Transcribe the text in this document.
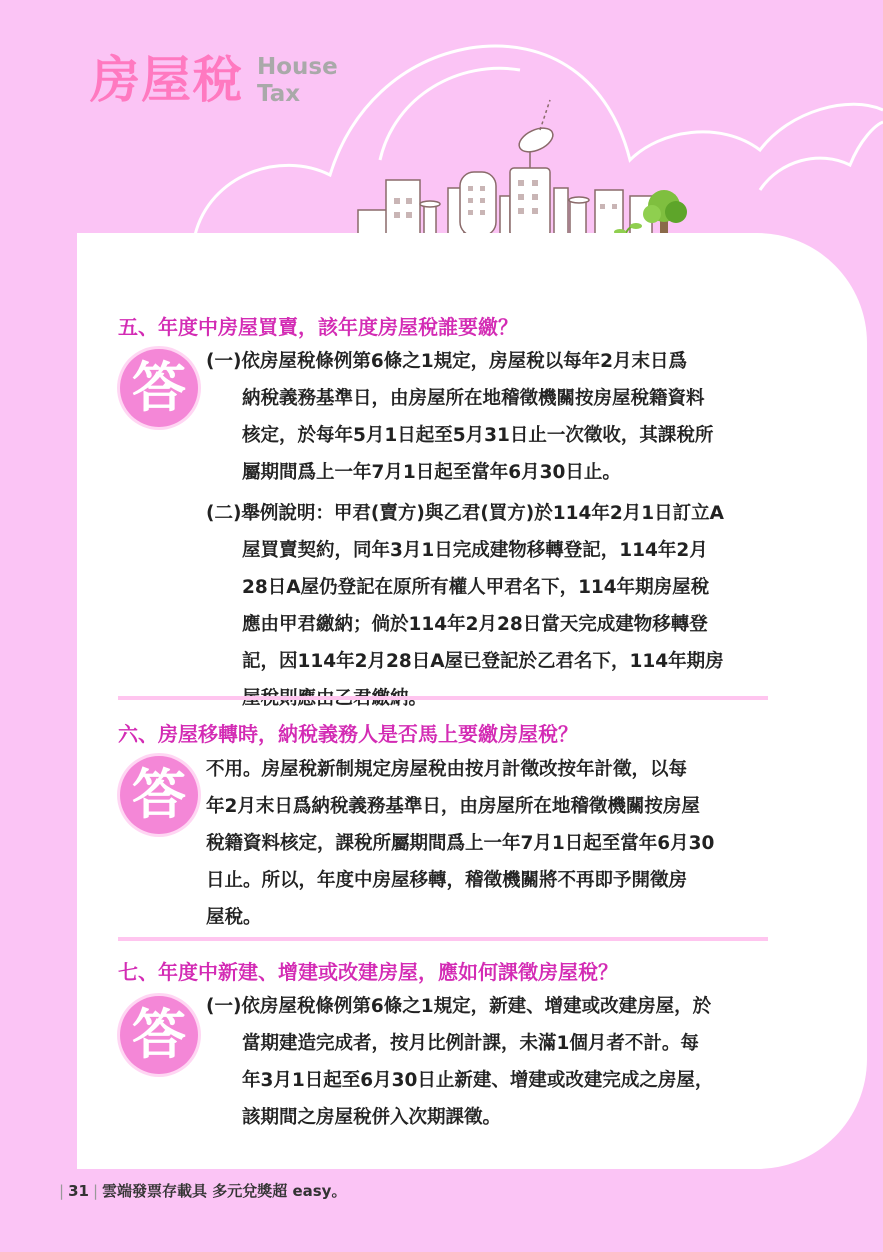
房屋稅 House
Tax
五、年度中房屋買賣，該年度房屋稅誰要繳？
答	(一)依房屋稅條例第6條之1規定，房屋稅以每年2月末日爲
納稅義務基準日，由房屋所在地稽徵機關按房屋稅籍資料
核定，於每年5月1日起至5月31日止一次徵收，其課稅所
屬期間爲上一年7月1日起至當年6月30日止。
(二)舉例說明：甲君(賣方)與乙君(買方)於114年2月1日訂立A
屋買賣契約，同年3月1日完成建物移轉登記，114年2月
28日A屋仍登記在原所有權人甲君名下，114年期房屋稅
應由甲君繳納；倘於114年2月28日當天完成建物移轉登
記，因114年2月28日A屋已登記於乙君名下，114年期房
六、房屋移轉時，納稅義務人是否馬上要繳房屋稅？
答	不用。房屋稅新制規定房屋稅由按月計徵改按年計徵，以每
年2月末日爲納稅義務基準日，由房屋所在地稽徵機關按房屋
稅籍資料核定，課稅所屬期間爲上一年7月1日起至當年6月30
日止。所以，年度中房屋移轉，稽徵機關將不再即予開徵房
屋稅。
七、年度中新建、增建或改建房屋，應如何課徵房屋稅？
答	(一)依房屋稅條例第6條之1規定，新建、增建或改建房屋，於
當期建造完成者，按月比例計課，未滿1個月者不計。每
年3月1日起至6月30日止新建、增建或改建完成之房屋，
該期間之房屋稅併入次期課徵。
| 31 | 雲端發票存載具 多元兌獎超 easy。
